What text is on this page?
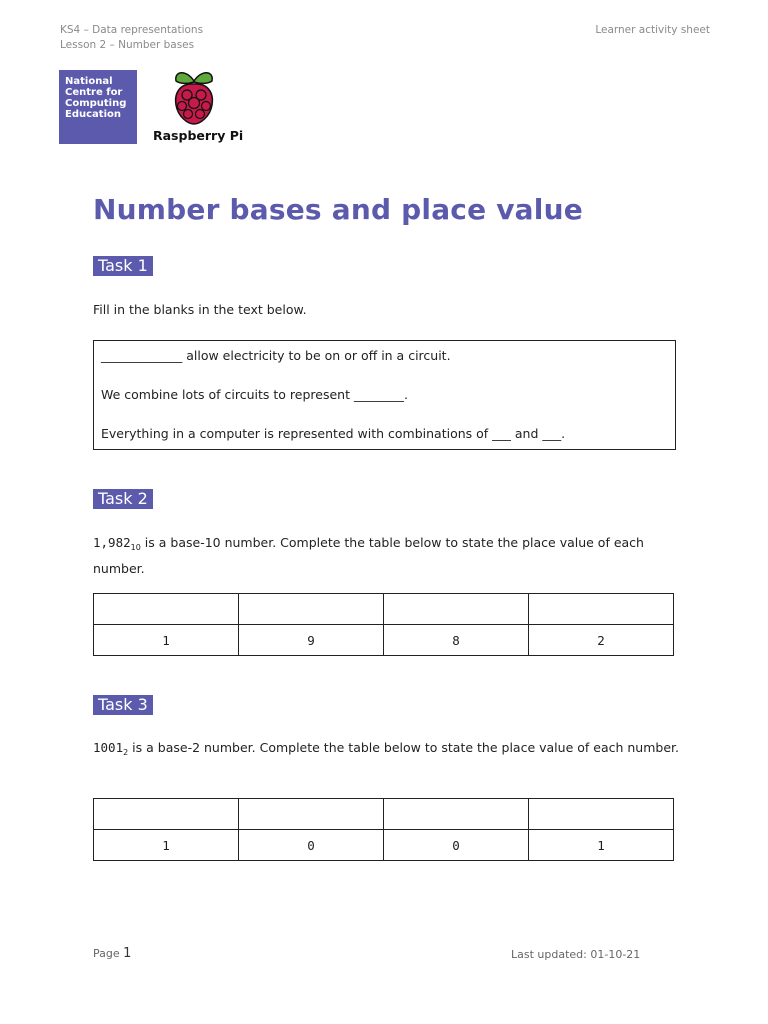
KS4 – Data representations
Lesson 2 – Number bases
Learner activity sheet
National
Centre for
Computing
Education
Raspberry Pi
Number bases and place value
Task 1
Fill in the blanks in the text below.

_____________ allow electricity to be on or off in a circuit.

We combine lots of circuits to represent ________.

Everything in a computer is represented with combinations of ___ and ___.

Task 2
$1,982_{10}$ is a base-10 number. Complete the table below to state the place value of each number.

1	9	8	2
Task 3
$1001_2$ is a base-2 number. Complete the table below to state the place value of each number.

1	0	0	1
Page 1	Last updated: 01-10-21
